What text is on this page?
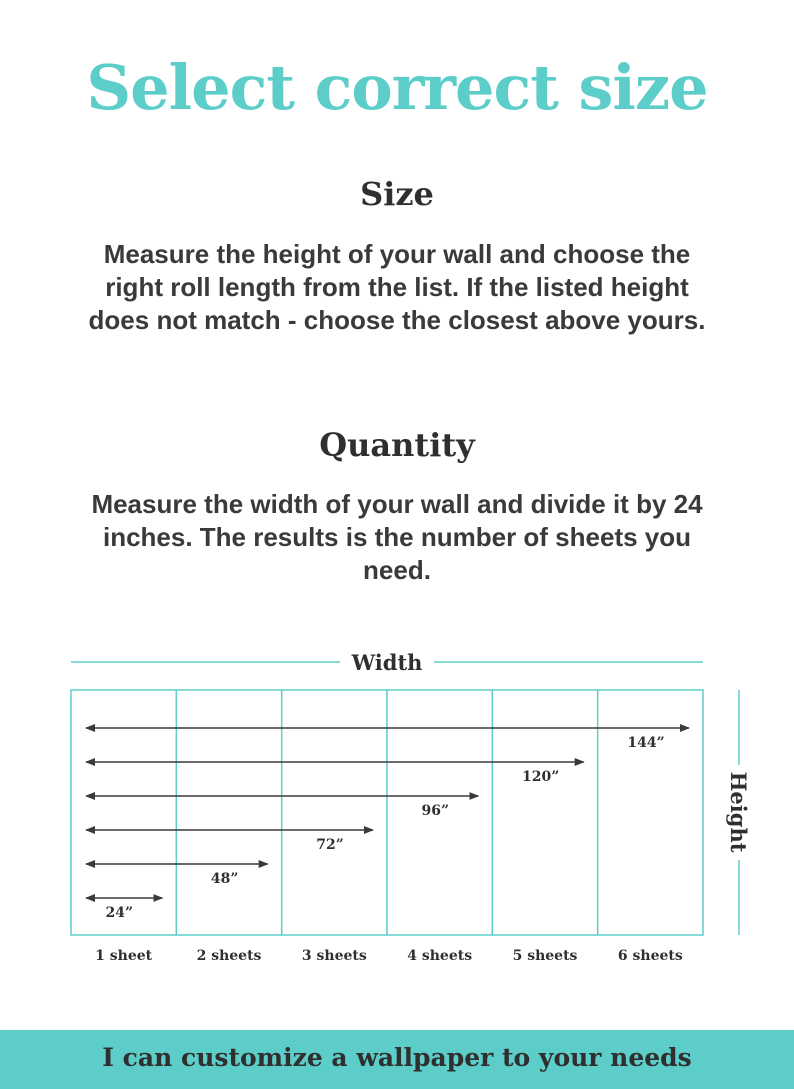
Select correct size
Size
Measure the height of your wall and choose the right roll length from the list. If the listed height does not match - choose the closest above yours.
Quantity
Measure the width of your wall and divide it by 24 inches. The results is the number of sheets you need.
Width
Height
24”
48”
72”
96”
120”
144”
1 sheet	2 sheets	3 sheets	4 sheets	5 sheets	6 sheets
I can customize a wallpaper to your needs
